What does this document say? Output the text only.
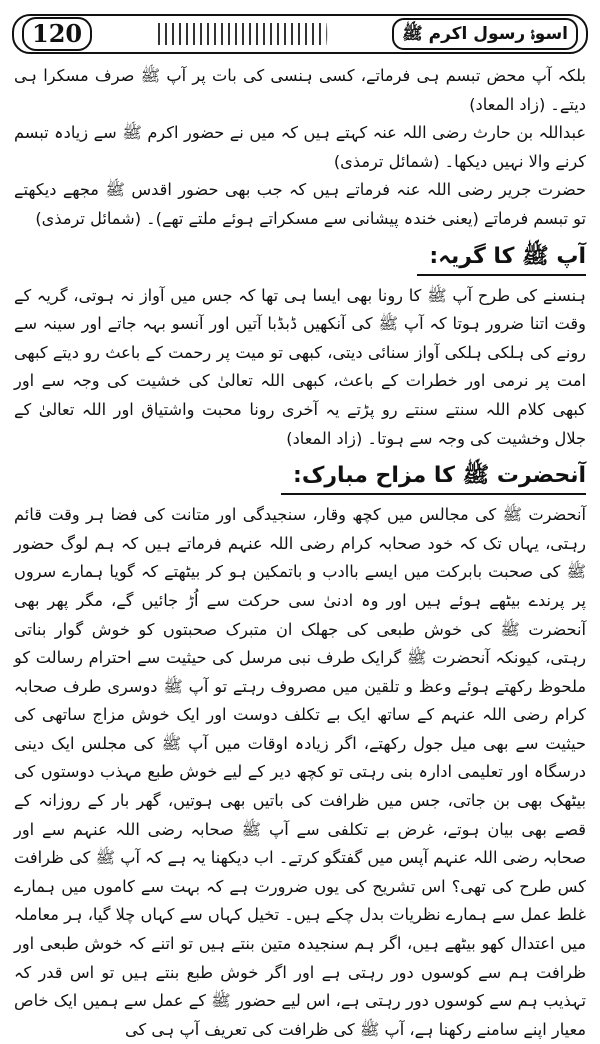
120	اسوۂ رسول اکرم ﷺ

بلکہ آپ محض تبسم ہی فرماتے، کسی ہنسی کی بات پر آپ ﷺ صرف مسکرا ہی دیتے۔ (زاد المعاد)

عبداللہ بن حارث رضی اللہ عنہ کہتے ہیں کہ میں نے حضور اکرم ﷺ سے زیادہ تبسم کرنے والا نہیں دیکھا۔ (شمائل ترمذی)

حضرت جریر رضی اللہ عنہ فرماتے ہیں کہ جب بھی حضور اقدس ﷺ مجھے دیکھتے تو تبسم فرماتے (یعنی خندہ پیشانی سے مسکراتے ہوئے ملتے تھے)۔ (شمائل ترمذی)

آپ ﷺ کا گریہ:

ہنسنے کی طرح آپ ﷺ کا رونا بھی ایسا ہی تھا کہ جس میں آواز نہ ہوتی، گریہ کے وقت اتنا ضرور ہوتا کہ آپ ﷺ کی آنکھیں ڈبڈبا آتیں اور آنسو بہہ جاتے اور سینہ سے رونے کی ہلکی ہلکی آواز سنائی دیتی، کبھی تو میت پر رحمت کے باعث رو دیتے کبھی امت پر نرمی اور خطرات کے باعث، کبھی اللہ تعالیٰ کی خشیت کی وجہ سے اور کبھی کلام اللہ سنتے سنتے رو پڑتے یہ آخری رونا محبت واشتیاق اور اللہ تعالیٰ کے جلال وخشیت کی وجہ سے ہوتا۔ (زاد المعاد)

آنحضرت ﷺ کا مزاح مبارک:

آنحضرت ﷺ کی مجالس میں کچھ وقار، سنجیدگی اور متانت کی فضا ہر وقت قائم رہتی، یہاں تک کہ خود صحابہ کرام رضی اللہ عنہم فرماتے ہیں کہ ہم لوگ حضور ﷺ کی صحبت بابرکت میں ایسے باادب و باتمکین ہو کر بیٹھتے کہ گویا ہمارے سروں پر پرندے بیٹھے ہوئے ہیں اور وہ ادنیٰ سی حرکت سے اُڑ جائیں گے، مگر پھر بھی آنحضرت ﷺ کی خوش طبعی کی جھلک ان متبرک صحبتوں کو خوش گوار بناتی رہتی، کیونکہ آنحضرت ﷺ گرایک طرف نبی مرسل کی حیثیت سے احترام رسالت کو ملحوظ رکھتے ہوئے وعظ و تلقین میں مصروف رہتے تو آپ ﷺ دوسری طرف صحابہ کرام رضی اللہ عنہم کے ساتھ ایک بے تکلف دوست اور ایک خوش مزاج ساتھی کی حیثیت سے بھی میل جول رکھتے، اگر زیادہ اوقات میں آپ ﷺ کی مجلس ایک دینی درسگاہ اور تعلیمی ادارہ بنی رہتی تو کچھ دیر کے لیے خوش طبع مہذب دوستوں کی بیٹھک بھی بن جاتی، جس میں ظرافت کی باتیں بھی ہوتیں، گھر بار کے روزانہ کے قصے بھی بیان ہوتے، غرض بے تکلفی سے آپ ﷺ صحابہ رضی اللہ عنہم سے اور صحابہ رضی اللہ عنہم آپس میں گفتگو کرتے۔ اب دیکھنا یہ ہے کہ آپ ﷺ کی ظرافت کس طرح کی تھی؟ اس تشریح کی یوں ضرورت ہے کہ بہت سے کاموں میں ہمارے غلط عمل سے ہمارے نظریات بدل چکے ہیں۔ تخیل کہاں سے کہاں چلا گیا، ہر معاملہ میں اعتدال کھو بیٹھے ہیں، اگر ہم سنجیدہ متین بنتے ہیں تو اتنے کہ خوش طبعی اور ظرافت ہم سے کوسوں دور رہتی ہے اور اگر خوش طبع بنتے ہیں تو اس قدر کہ تہذیب ہم سے کوسوں دور رہتی ہے، اس لیے حضور ﷺ کے عمل سے ہمیں ایک خاص معیار اپنے سامنے رکھنا ہے، آپ ﷺ کی ظرافت کی تعریف آپ ہی کی
